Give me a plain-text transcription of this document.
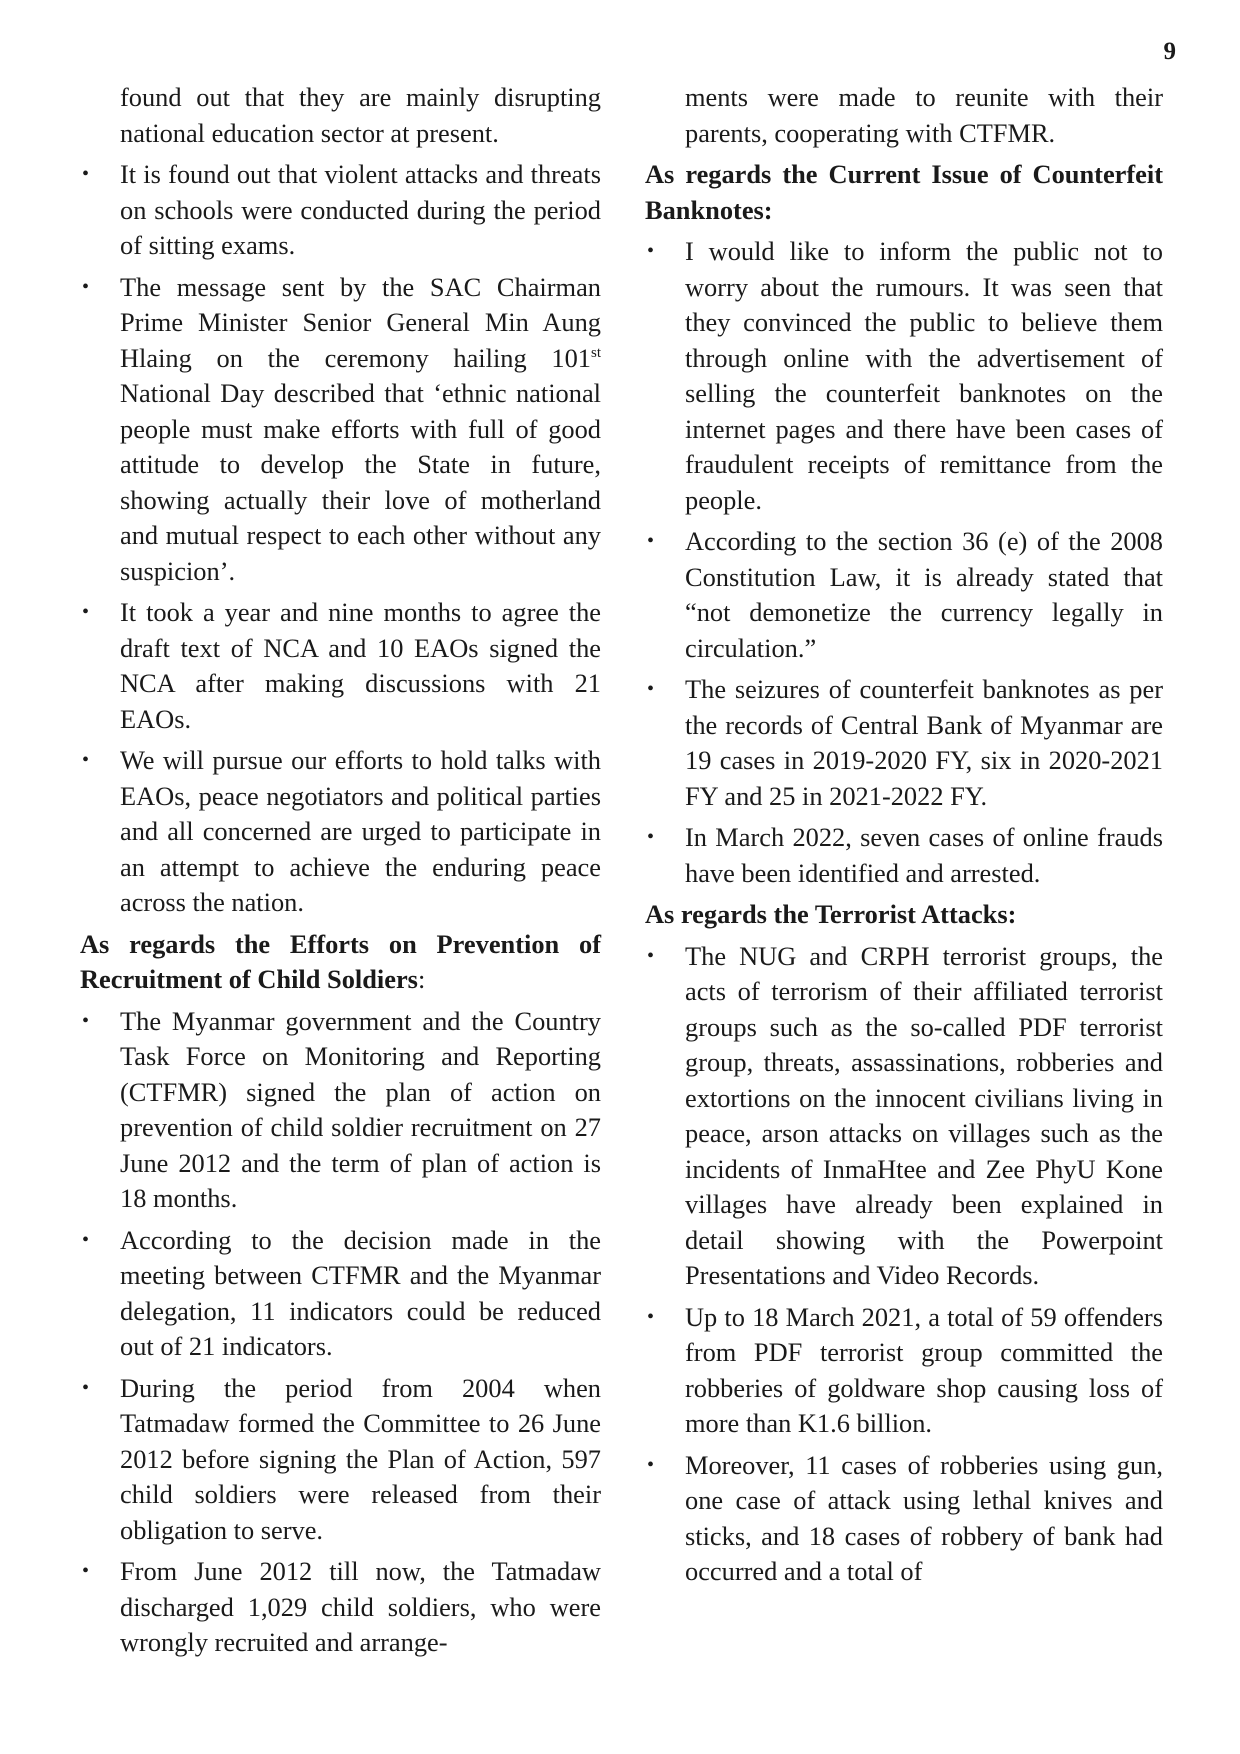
9
found out that they are mainly disrupting national education sector at present.
•	It is found out that violent attacks and threats on schools were conducted during the period of sitting exams.
•	The message sent by the SAC Chairman Prime Minister Senior General Min Aung Hlaing on the ceremony hailing 101st National Day described that ‘ethnic national people must make efforts with full of good attitude to develop the State in future, showing actually their love of motherland and mutual respect to each other without any suspicion’.
•	It took a year and nine months to agree the draft text of NCA and 10 EAOs signed the NCA after making discussions with 21 EAOs.
•	We will pursue our efforts to hold talks with EAOs, peace negotiators and political parties and all concerned are urged to participate in an attempt to achieve the enduring peace across the nation.
As regards the Efforts on Prevention of Recruitment of Child Soldiers:
•	The Myanmar government and the Country Task Force on Monitoring and Reporting (CTFMR) signed the plan of action on prevention of child soldier recruitment on 27 June 2012 and the term of plan of action is 18 months.
•	According to the decision made in the meeting between CTFMR and the Myanmar delegation, 11 indicators could be reduced out of 21 indicators.
•	During the period from 2004 when Tatmadaw formed the Committee to 26 June 2012 before signing the Plan of Action, 597 child soldiers were released from their obligation to serve.
•	From June 2012 till now, the Tatmadaw discharged 1,029 child soldiers, who were wrongly recruited and arrange-
ments were made to reunite with their parents, cooperating with CTFMR.
As regards the Current Issue of Counterfeit Banknotes:
•	I would like to inform the public not to worry about the rumours. It was seen that they convinced the public to believe them through online with the advertisement of selling the counterfeit banknotes on the internet pages and there have been cases of fraudulent receipts of remittance from the people.
•	According to the section 36 (e) of the 2008 Constitution Law, it is already stated that “not demonetize the currency legally in circulation.”
•	The seizures of counterfeit banknotes as per the records of Central Bank of Myanmar are 19 cases in 2019-2020 FY, six in 2020-2021 FY and 25 in 2021-2022 FY.
•	In March 2022, seven cases of online frauds have been identified and arrested.
As regards the Terrorist Attacks:
•	The NUG and CRPH terrorist groups, the acts of terrorism of their affiliated terrorist groups such as the so-called PDF terrorist group, threats, assassinations, robberies and extortions on the innocent civilians living in peace, arson attacks on villages such as the incidents of InmaHtee and Zee PhyU Kone villages have already been explained in detail showing with the Powerpoint Presentations and Video Records.
•	Up to 18 March 2021, a total of 59 offenders from PDF terrorist group committed the robberies of goldware shop causing loss of more than K1.6 billion.
•	Moreover, 11 cases of robberies using gun, one case of attack using lethal knives and sticks, and 18 cases of robbery of bank had occurred and a total of
